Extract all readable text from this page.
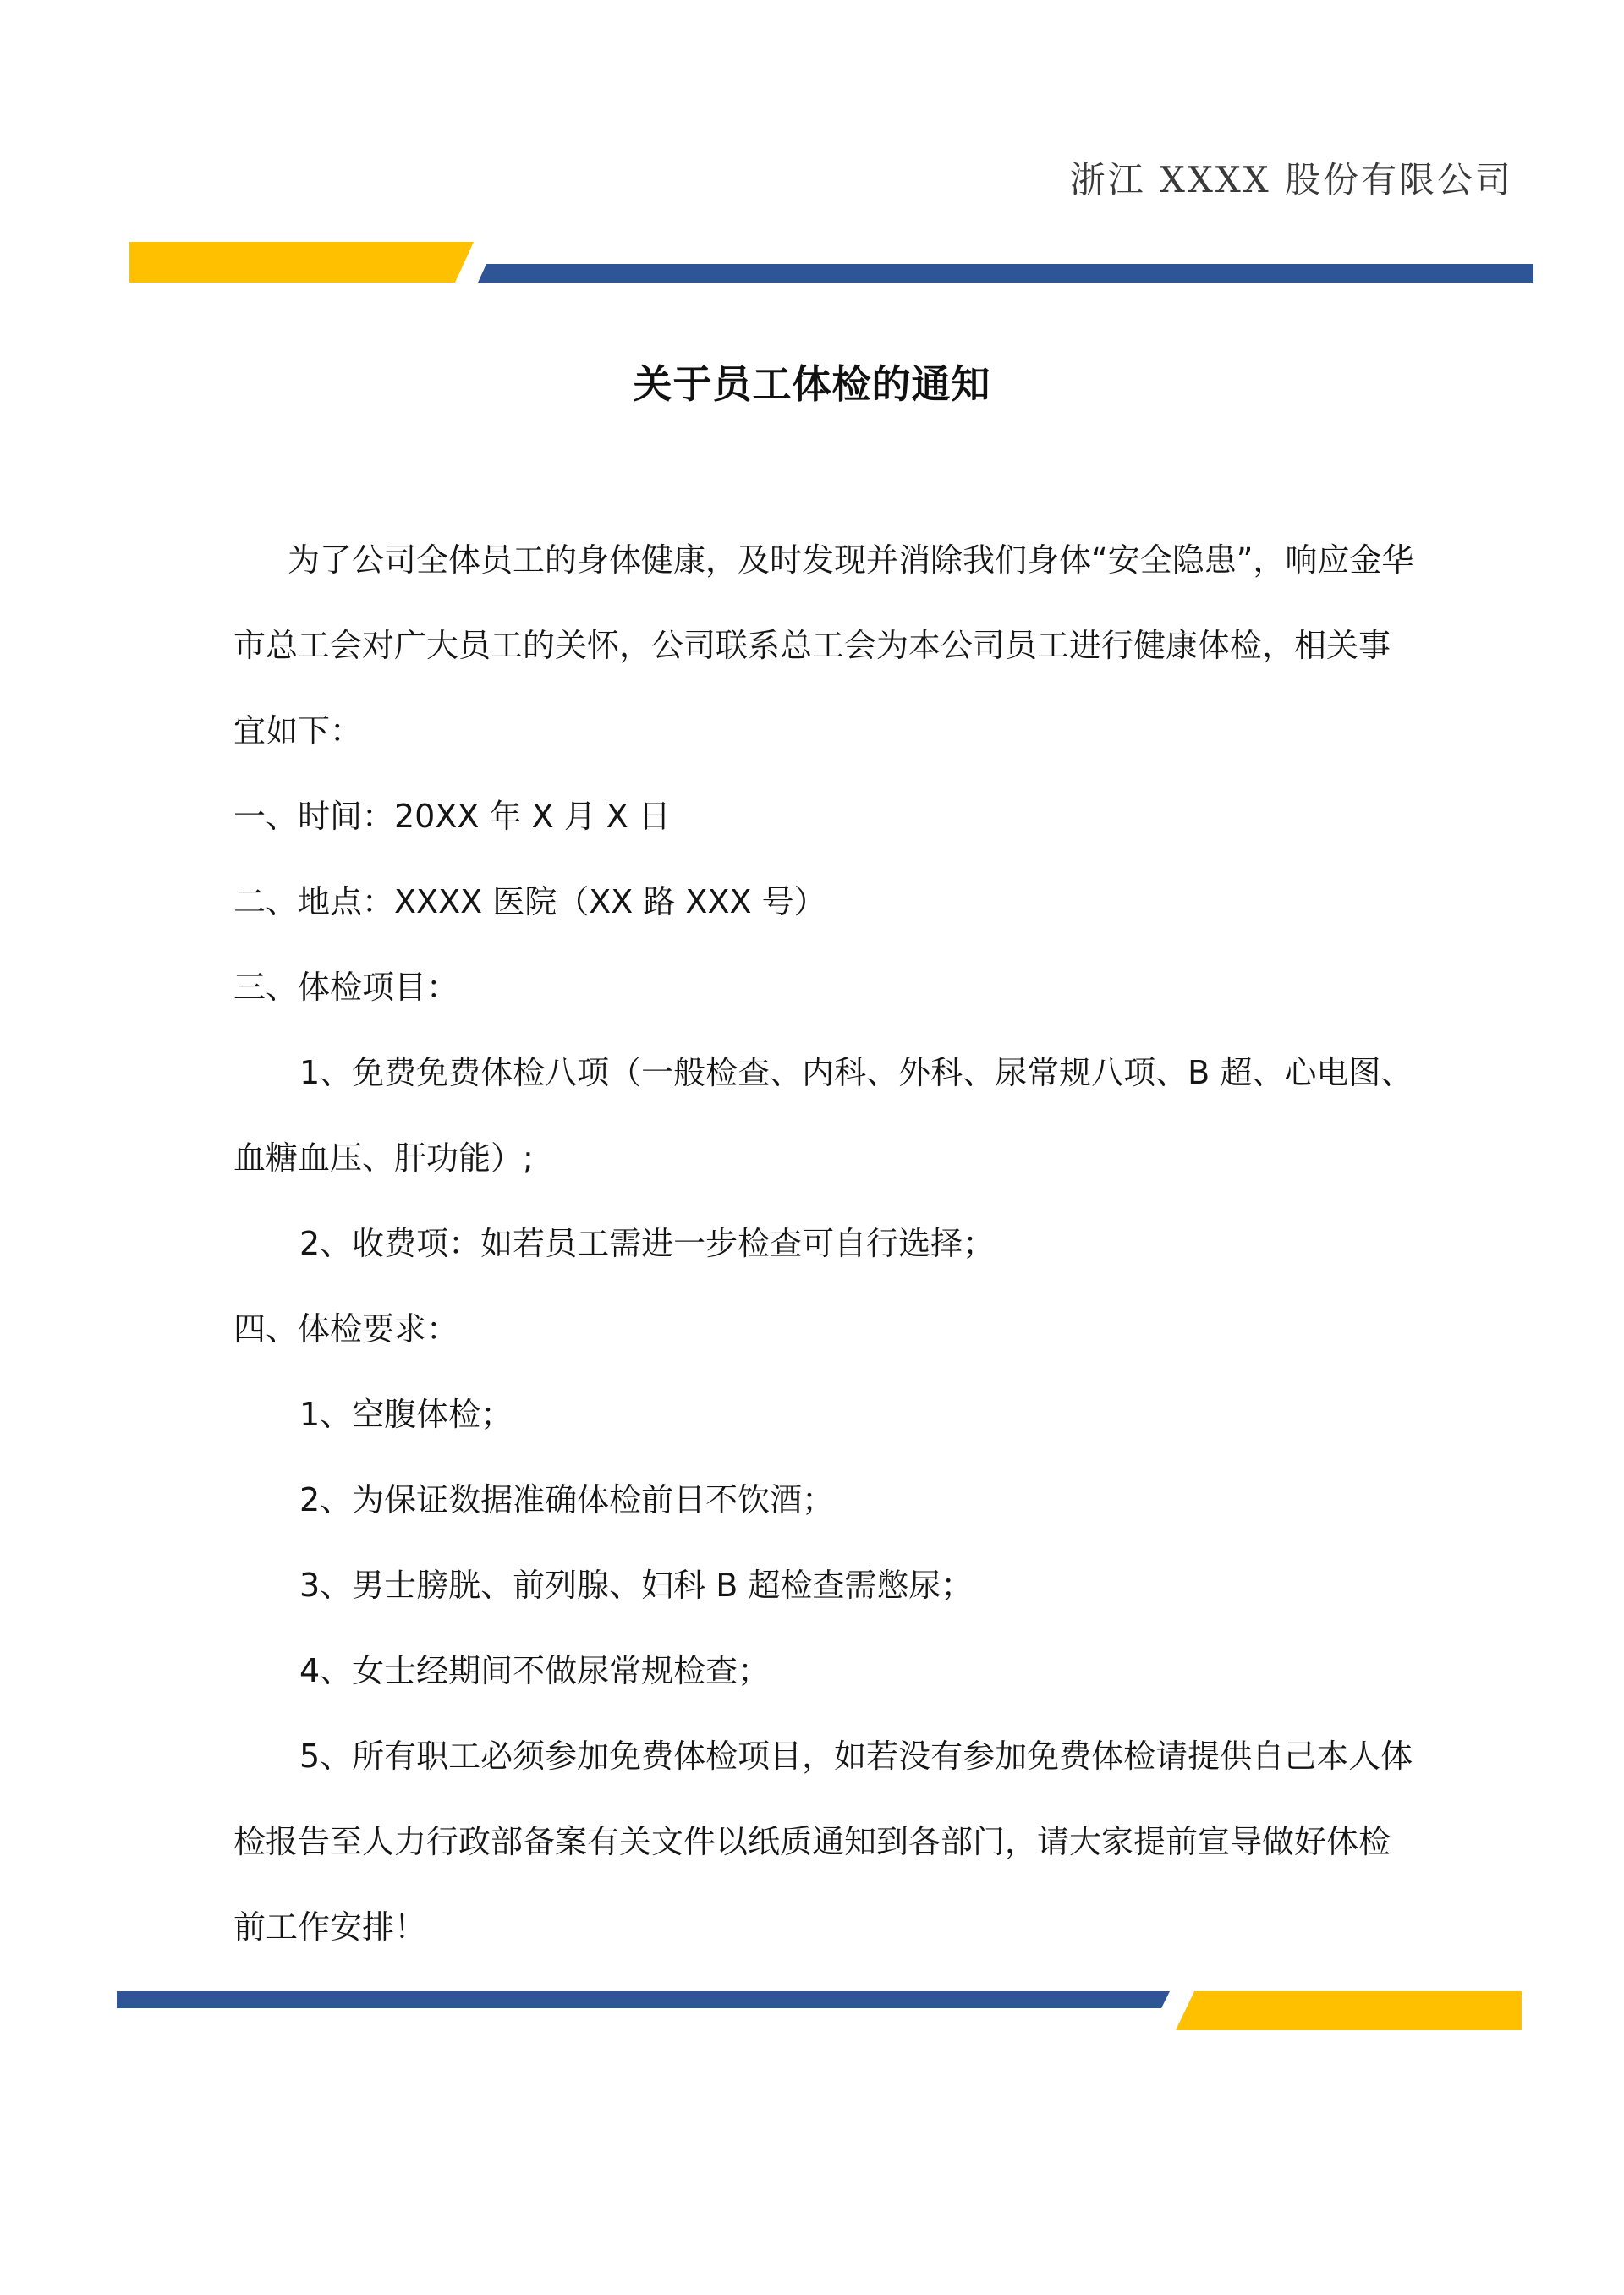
浙江 XXXX 股份有限公司
关于员工体检的通知

为了公司全体员工的身体健康，及时发现并消除我们身体“安全隐患”，响应金华市总工会对广大员工的关怀，公司联系总工会为本公司员工进行健康体检，相关事宜如下：

一、时间：20XX 年 X 月 X 日

二、地点：XXXX 医院（XX 路 XXX 号）

三、体检项目：

1、免费免费体检八项（一般检查、内科、外科、尿常规八项、B 超、心电图、血糖血压、肝功能）;

2、收费项：如若员工需进一步检查可自行选择；

四、体检要求：

1、空腹体检；

2、为保证数据准确体检前日不饮酒；

3、男士膀胱、前列腺、妇科 B 超检查需憋尿；

4、女士经期间不做尿常规检查；

5、所有职工必须参加免费体检项目，如若没有参加免费体检请提供自己本人体检报告至人力行政部备案有关文件以纸质通知到各部门，请大家提前宣导做好体检前工作安排！
